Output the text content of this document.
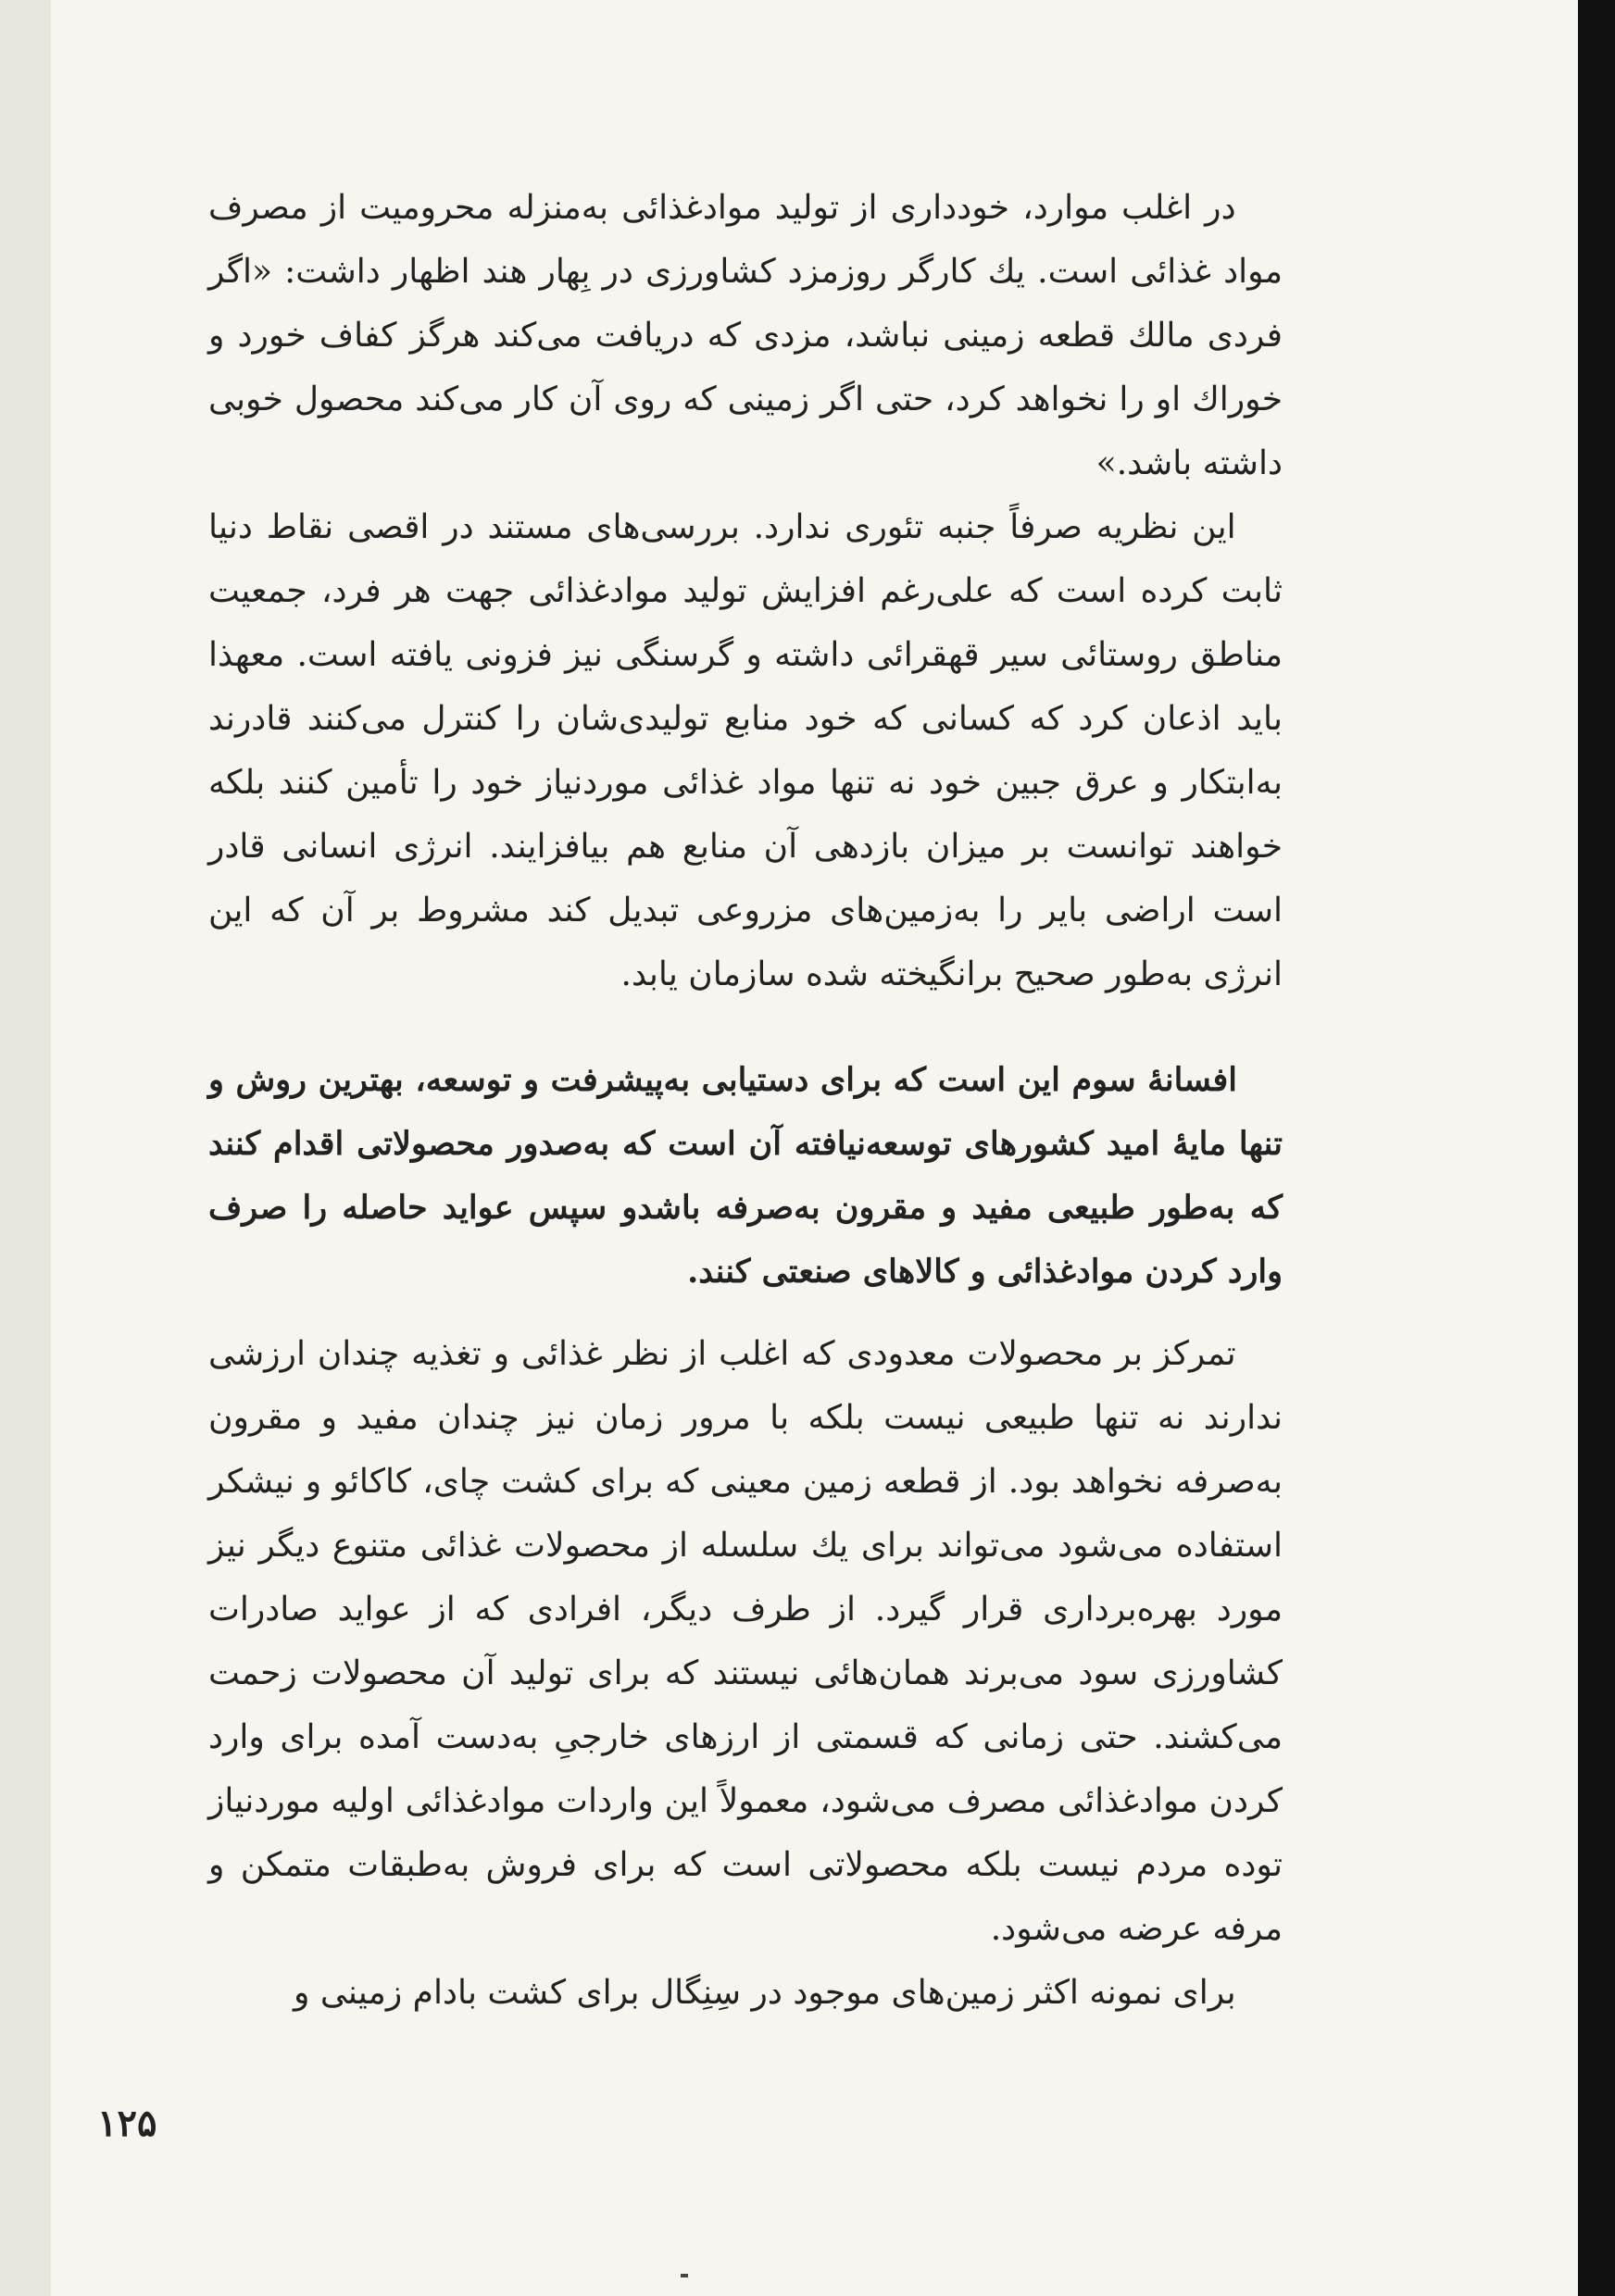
در اغلب موارد، خودداری از تولید موادغذائی به‌منزله محرومیت از مصرف مواد غذائی است. یك کارگر روزمزد کشاورزی در بِهار هند اظهار داشت: «اگر فردی مالك قطعه زمینی نباشد، مزدی که دریافت می‌کند هرگز کفاف خورد و خوراك او را نخواهد کرد، حتی اگر زمینی که روی آن کار می‌کند محصول خوبی داشته باشد.»

این نظریه صرفاً جنبه تئوری ندارد. بررسی‌های مستند در اقصی نقاط دنیا ثابت کرده است که علی‌رغم افزایش تولید موادغذائی جهت هر فرد، جمعیت مناطق روستائی سیر قهقرائی داشته و گرسنگی نیز فزونی یافته است. معهذا باید اذعان کرد که کسانی که خود منابع تولیدی‌شان را کنترل می‌کنند قادرند به‌ابتکار و عرق جبین خود نه تنها مواد غذائی موردنیاز خود را تأمین کنند بلکه خواهند توانست بر میزان بازدهی آن منابع هم بیافزایند. انرژی انسانی قادر است اراضی بایر را به‌زمین‌های مزروعی تبدیل کند مشروط بر آن که این انرژی به‌طور صحیح برانگیخته شده سازمان یابد.

افسانهٔ سوم این است که برای دستیابی به‌پیشرفت و توسعه، بهترین روش و تنها مایهٔ امید کشورهای توسعه‌نیافته آن است که به‌صدور محصولاتی اقدام کنند که به‌طور طبیعی مفید و مقرون به‌صرفه باشدو سپس عواید حاصله را صرف وارد کردن موادغذائی و کالاهای صنعتی کنند.

تمرکز بر محصولات معدودی که اغلب از نظر غذائی و تغذیه چندان ارزشی ندارند نه تنها طبیعی نیست بلکه با مرور زمان نیز چندان مفید و مقرون به‌صرفه نخواهد بود. از قطعه زمین معینی که برای کشت چای، کاکائو و نیشکر استفاده می‌شود می‌تواند برای یك سلسله از محصولات غذائی متنوع دیگر نیز مورد بهره‌برداری قرار گیرد. از طرف دیگر، افرادی که از عواید صادرات کشاورزی سود می‌برند همان‌هائی نیستند که برای تولید آن محصولات زحمت می‌کشند. حتی زمانی که قسمتی از ارزهای خارجیِ به‌دست آمده برای وارد کردن موادغذائی مصرف می‌شود، معمولاً این واردات موادغذائی اولیه موردنیاز توده مردم نیست بلکه محصولاتی است که برای فروش به‌طبقات متمکن و مرفه عرضه می‌شود.

برای نمونه اکثر زمین‌های موجود در سِنِگال برای کشت بادام زمینی و

۱۲۵
